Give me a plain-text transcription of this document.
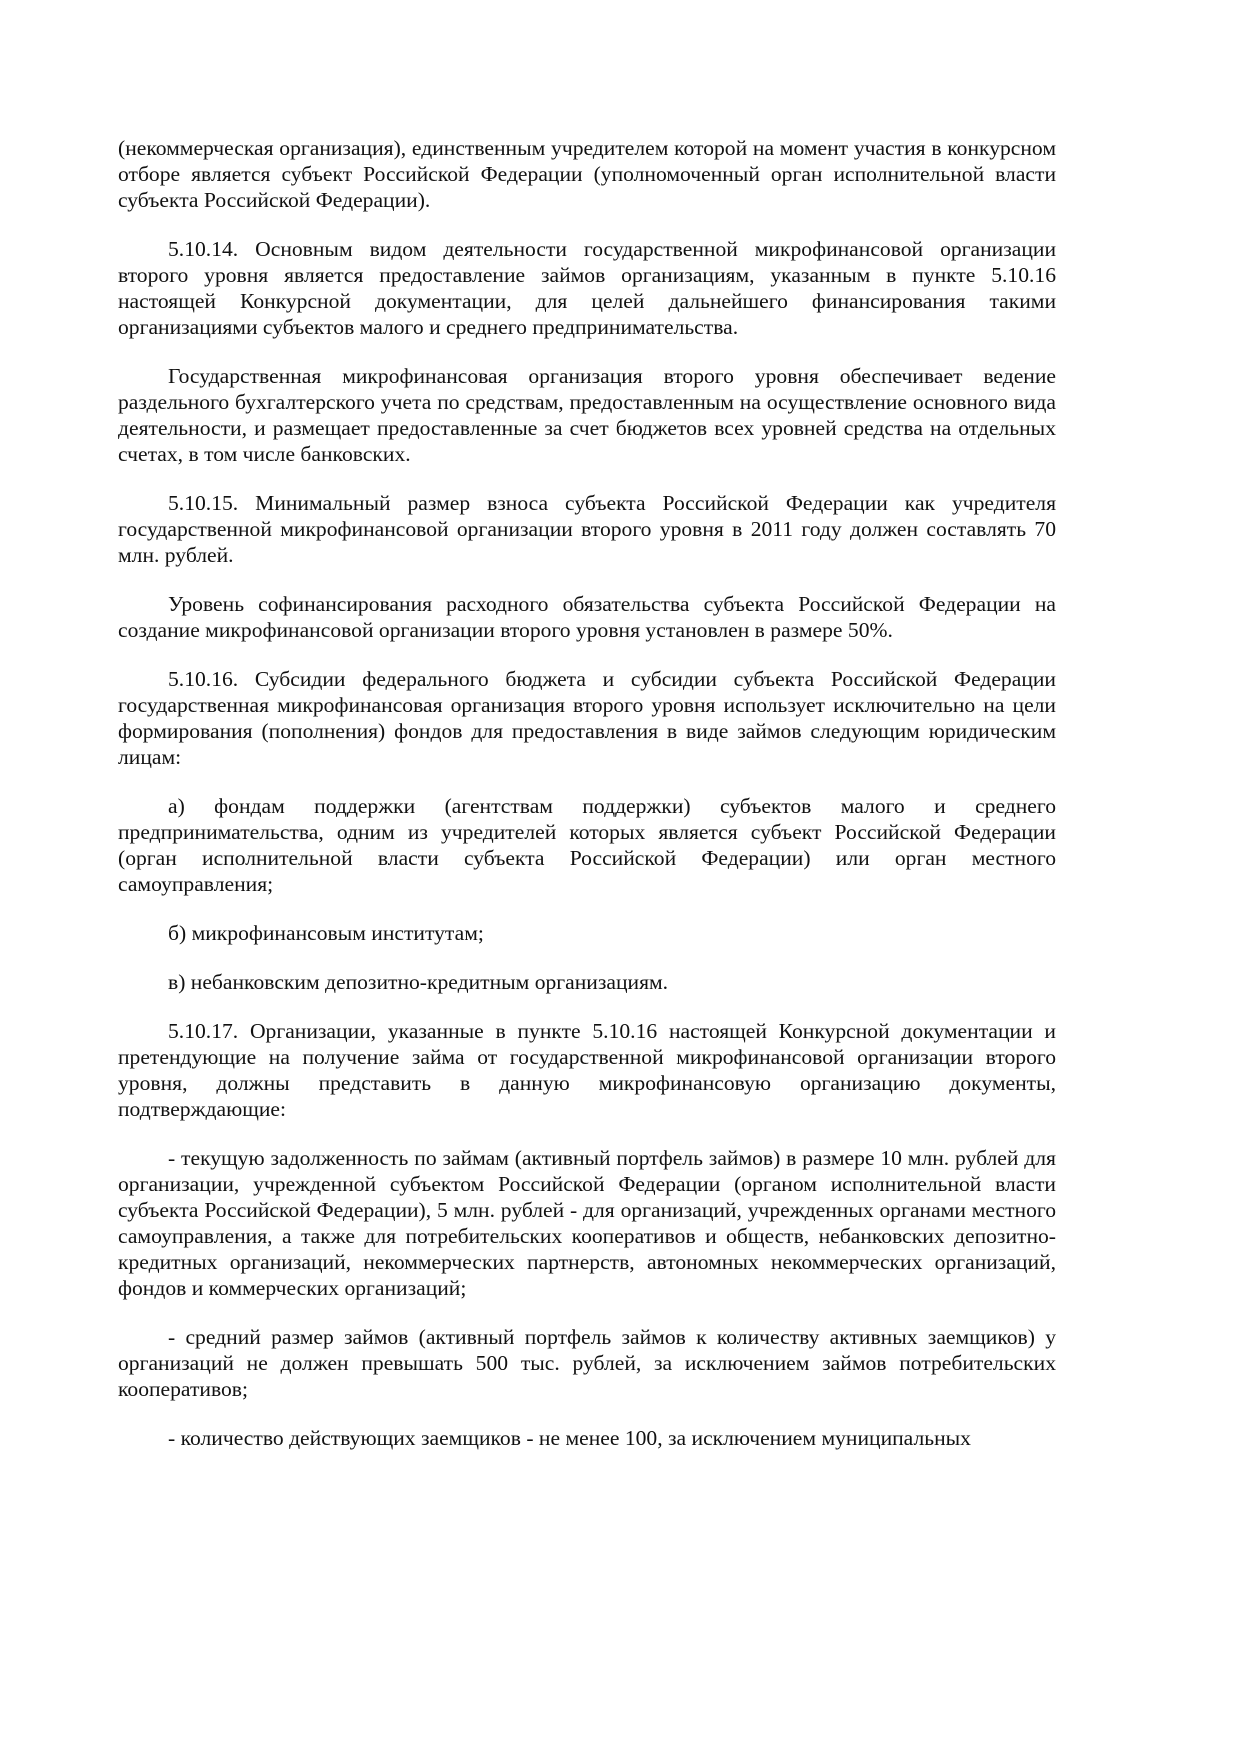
(некоммерческая организация), единственным учредителем которой на момент участия в конкурсном отборе является субъект Российской Федерации (уполномоченный орган исполнительной власти субъекта Российской Федерации).

5.10.14. Основным видом деятельности государственной микрофинансовой организации второго уровня является предоставление займов организациям, указанным в пункте 5.10.16 настоящей Конкурсной документации, для целей дальнейшего финансирования такими организациями субъектов малого и среднего предпринимательства.

Государственная микрофинансовая организация второго уровня обеспечивает ведение раздельного бухгалтерского учета по средствам, предоставленным на осуществление основного вида деятельности, и размещает предоставленные за счет бюджетов всех уровней средства на отдельных счетах, в том числе банковских.

5.10.15. Минимальный размер взноса субъекта Российской Федерации как учредителя государственной микрофинансовой организации второго уровня в 2011 году должен составлять 70 млн. рублей.

Уровень софинансирования расходного обязательства субъекта Российской Федерации на создание микрофинансовой организации второго уровня установлен в размере 50%.

5.10.16. Субсидии федерального бюджета и субсидии субъекта Российской Федерации государственная микрофинансовая организация второго уровня использует исключительно на цели формирования (пополнения) фондов для предоставления в виде займов следующим юридическим лицам:

а) фондам поддержки (агентствам поддержки) субъектов малого и среднего предпринимательства, одним из учредителей которых является субъект Российской Федерации (орган исполнительной власти субъекта Российской Федерации) или орган местного самоуправления;

б) микрофинансовым институтам;

в) небанковским депозитно-кредитным организациям.

5.10.17. Организации, указанные в пункте 5.10.16 настоящей Конкурсной документации и претендующие на получение займа от государственной микрофинансовой организации второго уровня, должны представить в данную микрофинансовую организацию документы, подтверждающие:

- текущую задолженность по займам (активный портфель займов) в размере 10 млн. рублей для организации, учрежденной субъектом Российской Федерации (органом исполнительной власти субъекта Российской Федерации), 5 млн. рублей - для организаций, учрежденных органами местного самоуправления, а также для потребительских кооперативов и обществ, небанковских депозитно-кредитных организаций, некоммерческих партнерств, автономных некоммерческих организаций, фондов и коммерческих организаций;

- средний размер займов (активный портфель займов к количеству активных заемщиков) у организаций не должен превышать 500 тыс. рублей, за исключением займов потребительских кооперативов;

- количество действующих заемщиков - не менее 100, за исключением муниципальных
